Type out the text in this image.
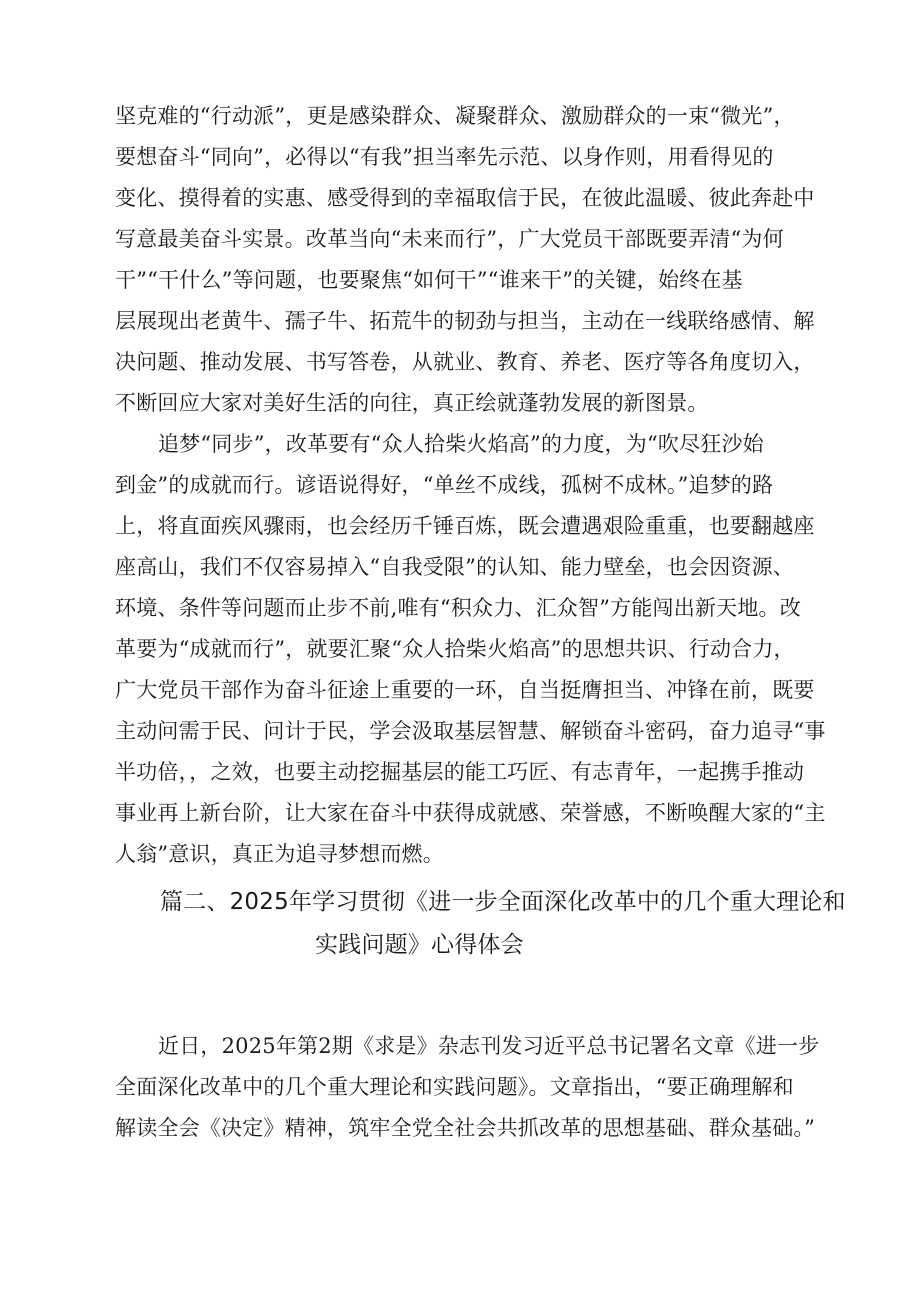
坚克难的“行动派”，更是感染群众、凝聚群众、激励群众的一束“微光”，
要想奋斗“同向”，必得以“有我”担当率先示范、以身作则，用看得见的
变化、摸得着的实惠、感受得到的幸福取信于民，在彼此温暖、彼此奔赴中
写意最美奋斗实景。改革当向“未来而行”，广大党员干部既要弄清“为何
干”“干什么”等问题，也要聚焦“如何干”“谁来干”的关键，始终在基
层展现出老黄牛、孺子牛、拓荒牛的韧劲与担当，主动在一线联络感情、解
决问题、推动发展、书写答卷，从就业、教育、养老、医疗等各角度切入，
不断回应大家对美好生活的向往，真正绘就蓬勃发展的新图景。
追梦“同步”，改革要有“众人拾柴火焰高”的力度，为“吹尽狂沙始
到金”的成就而行。谚语说得好，“单丝不成线，孤树不成林。”追梦的路
上，将直面疾风骤雨，也会经历千锤百炼，既会遭遇艰险重重，也要翻越座
座高山，我们不仅容易掉入“自我受限”的认知、能力壁垒，也会因资源、
环境、条件等问题而止步不前,唯有“积众力、汇众智”方能闯出新天地。改
革要为“成就而行”，就要汇聚“众人拾柴火焰高”的思想共识、行动合力，
广大党员干部作为奋斗征途上重要的一环，自当挺膺担当、冲锋在前，既要
主动问需于民、问计于民，学会汲取基层智慧、解锁奋斗密码，奋力追寻“事
半功倍，，之效，也要主动挖掘基层的能工巧匠、有志青年，一起携手推动
事业再上新台阶，让大家在奋斗中获得成就感、荣誉感，不断唤醒大家的“主
人翁”意识，真正为追寻梦想而燃。
篇二、2025年学习贯彻《进一步全面深化改革中的几个重大理论和
实践问题》心得体会
近日，2025年第2期《求是》杂志刊发习近平总书记署名文章《进一步
全面深化改革中的几个重大理论和实践问题》。文章指出，“要正确理解和
解读全会《决定》精神，筑牢全党全社会共抓改革的思想基础、群众基础。”
